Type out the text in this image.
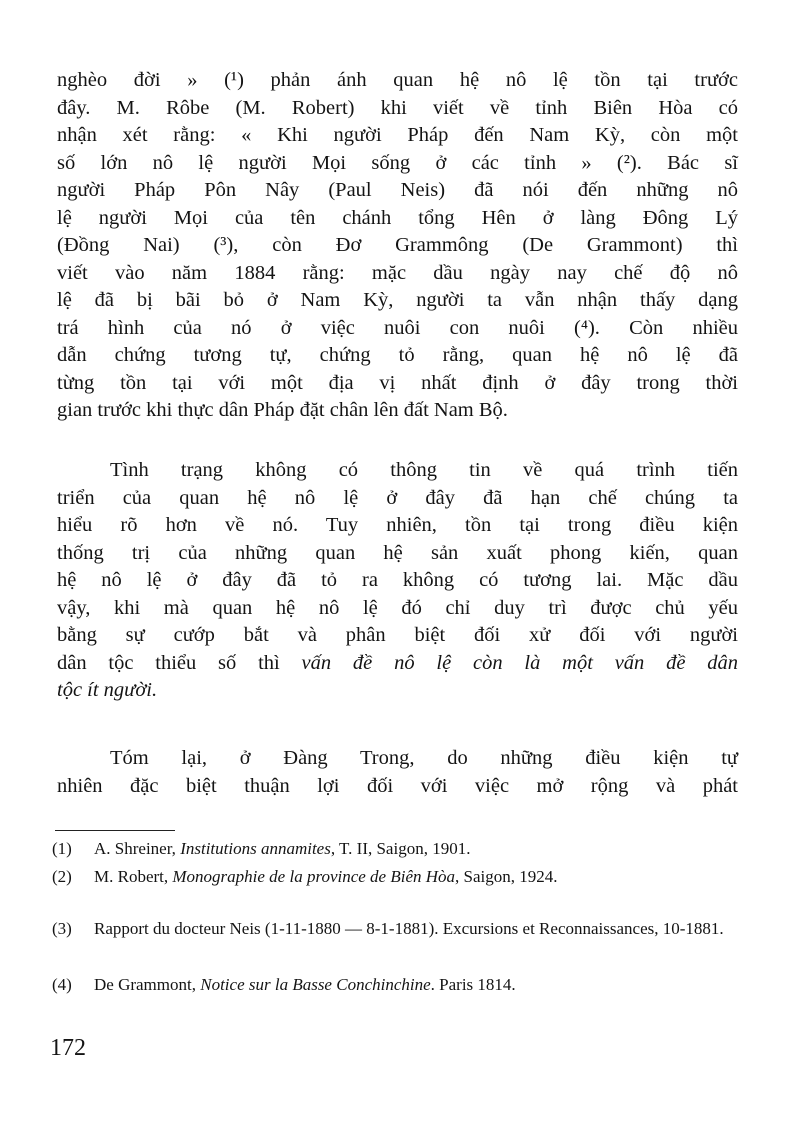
nghèo đời » (¹) phản ánh quan hệ nô lệ tồn tại trước
đây. M. Rôbe (M. Robert) khi viết về tỉnh Biên Hòa có
nhận xét rằng: « Khi người Pháp đến Nam Kỳ, còn một
số lớn nô lệ người Mọi sống ở các tỉnh » (²). Bác sĩ
người Pháp Pôn Nây (Paul Neis) đã nói đến những nô
lệ người Mọi của tên chánh tổng Hên ở làng Đông Lý
(Đồng Nai) (³), còn Đơ Grammông (De Grammont) thì
viết vào năm 1884 rằng: mặc dầu ngày nay chế độ nô
lệ đã bị bãi bỏ ở Nam Kỳ, người ta vẫn nhận thấy dạng
trá hình của nó ở việc nuôi con nuôi (⁴). Còn nhiều
dẫn chứng tương tự, chứng tỏ rằng, quan hệ nô lệ đã
từng tồn tại với một địa vị nhất định ở đây trong thời
gian trước khi thực dân Pháp đặt chân lên đất Nam Bộ.
Tình trạng không có thông tin về quá trình tiến
triển của quan hệ nô lệ ở đây đã hạn chế chúng ta
hiểu rõ hơn về nó. Tuy nhiên, tồn tại trong điều kiện
thống trị của những quan hệ sản xuất phong kiến, quan
hệ nô lệ ở đây đã tỏ ra không có tương lai. Mặc dầu
vậy, khi mà quan hệ nô lệ đó chỉ duy trì được chủ yếu
bằng sự cướp bắt và phân biệt đối xử đối với người
dân tộc thiểu số thì vấn đề nô lệ còn là một vấn đề dân
tộc ít người.
Tóm lại, ở Đàng Trong, do những điều kiện tự
nhiên đặc biệt thuận lợi đối với việc mở rộng và phát
(1) A. Shreiner, Institutions annamites, T. II, Saigon, 1901.
(2) M. Robert, Monographie de la province de Biên Hòa, Saigon, 1924.
(3) Rapport du docteur Neis (1-11-1880 — 8-1-1881). Excursions et Reconnaissances, 10-1881.
(4) De Grammont, Notice sur la Basse Conchinchine. Paris 1814.
172
